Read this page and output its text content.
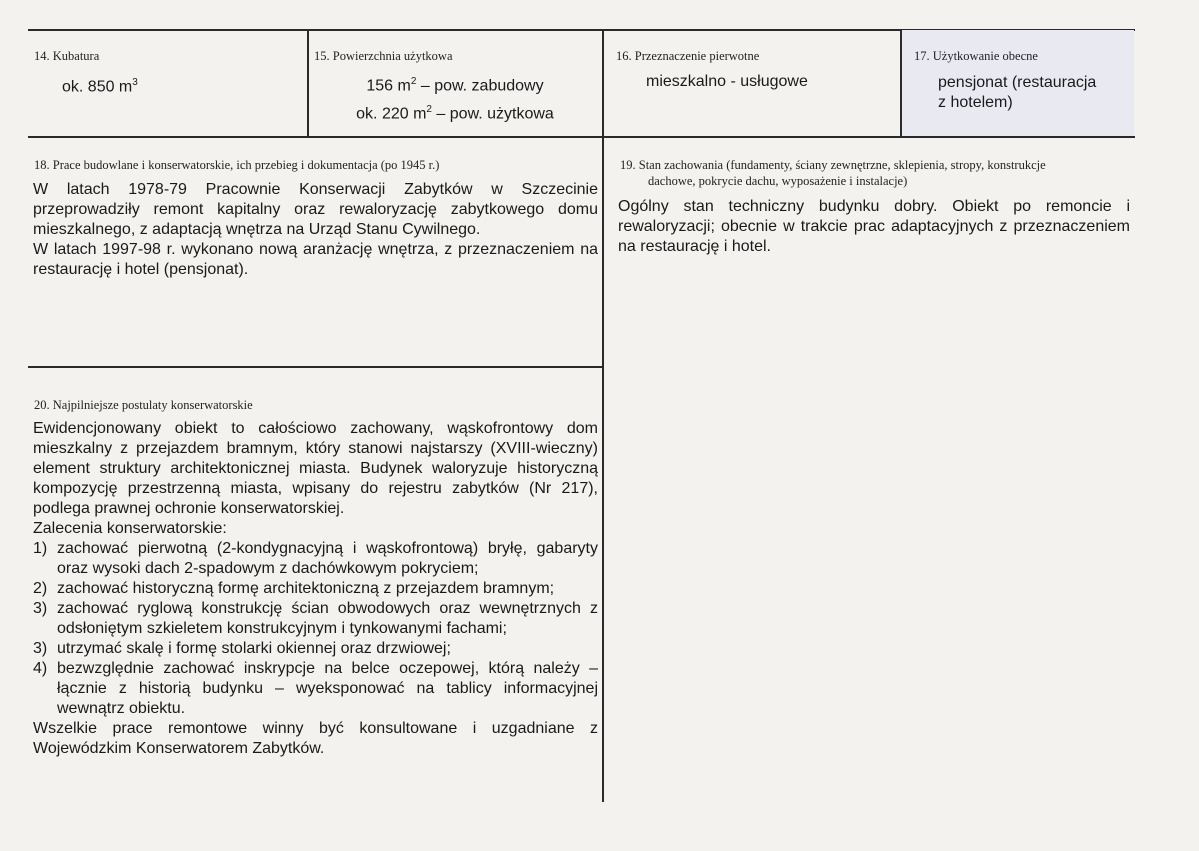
14. Kubatura
ok. 850 $m^3$
15. Powierzchnia użytkowa
156 $m^2$ – pow. zabudowy
ok. 220 $m^2$ – pow. użytkowa
16. Przeznaczenie pierwotne
mieszkalno - usługowe
17. Użytkowanie obecne
pensjonat (restauracja
z hotelem)
18. Prace budowlane i konserwatorskie, ich przebieg i dokumentacja (po 1945 r.)

W latach 1978-79 Pracownie Konserwacji Zabytków w Szczecinie przeprowadziły remont kapitalny oraz rewaloryzację zabytkowego domu mieszkalnego, z adaptacją wnętrza na Urząd Stanu Cywilnego.

W latach 1997-98 r. wykonano nową aranżację wnętrza, z przeznaczeniem na restaurację i hotel (pensjonat).

19. Stan zachowania (fundamenty, ściany zewnętrzne, sklepienia, stropy, konstrukcje
dachowe, pokrycie dachu, wyposażenie i instalacje)
Ogólny stan techniczny budynku dobry. Obiekt po remoncie i rewaloryzacji; obecnie w trakcie prac adaptacyjnych z przeznaczeniem na restaurację i hotel.
20. Najpilniejsze postulaty konserwatorskie

Ewidencjonowany obiekt to całościowo zachowany, wąskofrontowy dom mieszkalny z przejazdem bramnym, który stanowi najstarszy (XVIII-wieczny) element struktury architektonicznej miasta. Budynek waloryzuje historyczną kompozycję przestrzenną miasta, wpisany do rejestru zabytków (Nr 217), podlega prawnej ochronie konserwatorskiej.

Zalecenia konserwatorskie:

1) zachować pierwotną (2-kondygnacyjną i wąskofrontową) bryłę, gabaryty oraz wysoki dach 2-spadowym z dachówkowym pokryciem;
2) zachować historyczną formę architektoniczną z przejazdem bramnym;
3) zachować ryglową konstrukcję ścian obwodowych oraz wewnętrznych z odsłoniętym szkieletem konstrukcyjnym i tynkowanymi fachami;
3) utrzymać skalę i formę stolarki okiennej oraz drzwiowej;
4) bezwzględnie zachować inskrypcje na belce oczepowej, którą należy – łącznie z historią budynku – wyeksponować na tablicy informacyjnej wewnątrz obiektu.

Wszelkie prace remontowe winny być konsultowane i uzgadniane z Wojewódzkim Konserwatorem Zabytków.
